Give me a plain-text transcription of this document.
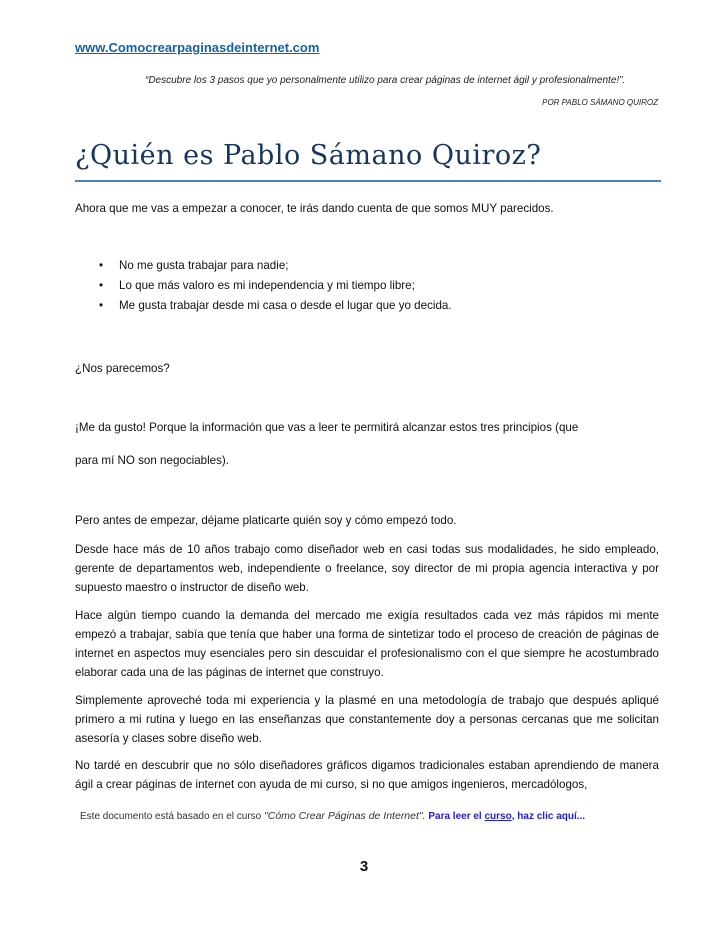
www.Comocrearpaginasdeinternet.com
“Descubre los 3 pasos que yo personalmente utilizo para crear páginas de internet ágil y profesionalmente!”.
POR PABLO SÁMANO QUIROZ
¿Quién es Pablo Sámano Quiroz?

Ahora que me vas a empezar a conocer, te irás dando cuenta de que somos MUY parecidos.

• No me gusta trabajar para nadie;
• Lo que más valoro es mi independencia y mi tiempo libre;
• Me gusta trabajar desde mi casa o desde el lugar que yo decida.

¿Nos parecemos?

¡Me da gusto! Porque la información que vas a leer te permitirá alcanzar estos tres principios (que

para mí NO son negociables).

Pero antes de empezar, déjame platicarte quién soy y cómo empezó todo.

Desde hace más de 10 años trabajo como diseñador web en casi todas sus modalidades, he sido empleado, gerente de departamentos web, independiente o freelance, soy director de mi propia agencia interactiva y por supuesto maestro o instructor de diseño web.

Hace algún tiempo cuando la demanda del mercado me exigía resultados cada vez más rápidos mi mente empezó a trabajar, sabía que tenía que haber una forma de sintetizar todo el proceso de creación de páginas de internet en aspectos muy esenciales pero sin descuidar el profesionalismo con el que siempre he acostumbrado elaborar cada una de las páginas de internet que construyo.

Simplemente aproveché toda mi experiencia y la plasmé en una metodología de trabajo que después apliqué primero a mi rutina y luego en las enseñanzas que constantemente doy a personas cercanas que me solicitan asesoría y clases sobre diseño web.

No tardé en descubrir que no sólo diseñadores gráficos digamos tradicionales estaban aprendiendo de manera ágil a crear páginas de internet con ayuda de mi curso, si no que amigos ingenieros, mercadólogos,

Este documento está basado en el curso "Cómo Crear Páginas de Internet". Para leer el curso, haz clic aquí...
3
